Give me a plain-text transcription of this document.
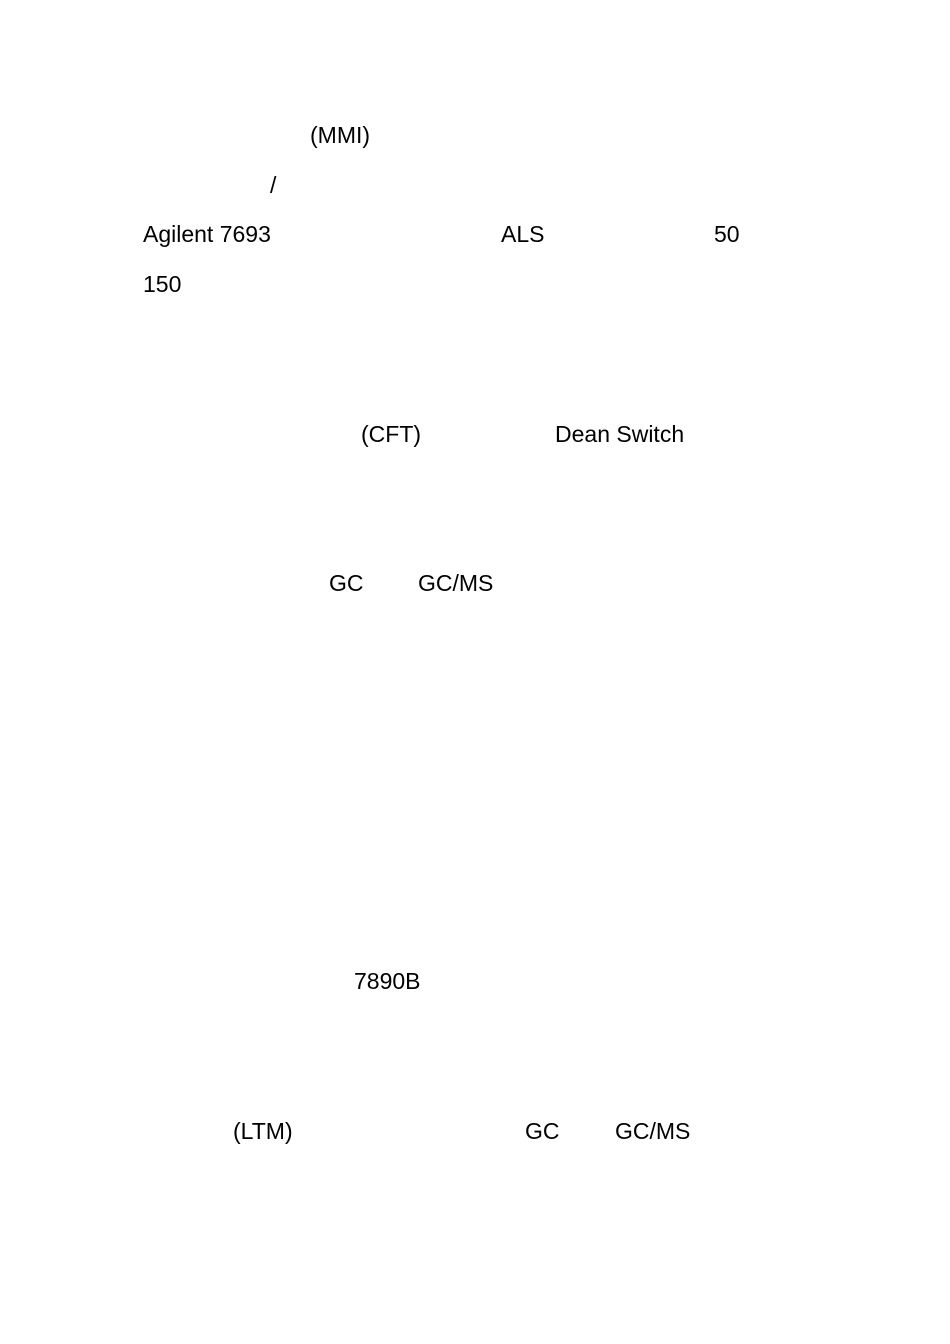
(MMI)
/
Agilent 7693	ALS	50
150
(CFT)	Dean Switch
GC GC/MS
7890B
(LTM)	GC GC/MS
